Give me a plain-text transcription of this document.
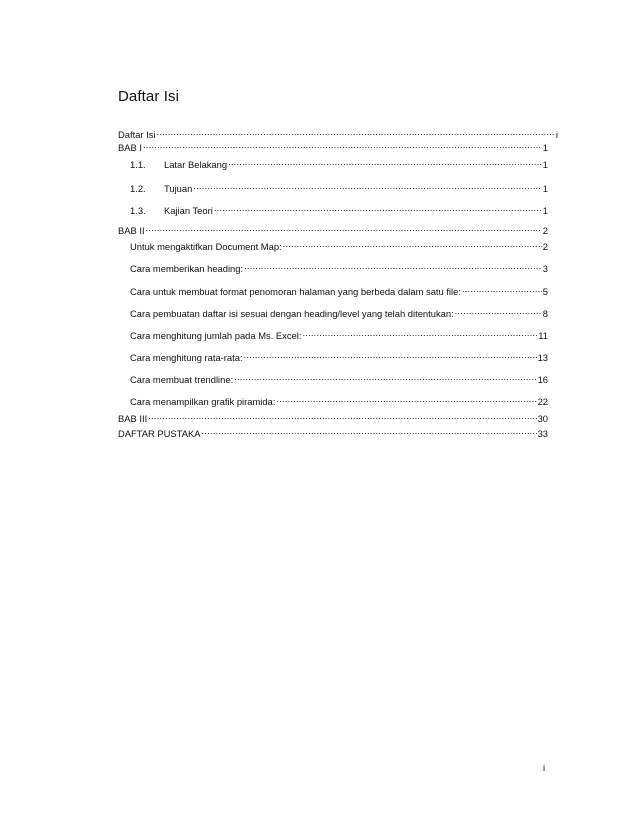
Daftar Isi
Daftar Isi .....	i
BAB I .....	1
1.1.	Latar Belakang .....	1
1.2.	Tujuan .....	1
1.3.	Kajian Teori .....	1
BAB II .....	2
Untuk mengaktifkan Document Map: .....	2
Cara memberikan heading: .....	3
Cara untuk membuat format penomoran halaman yang berbeda dalam satu file: .....	5
Cara pembuatan daftar isi sesuai dengan heading/level yang telah ditentukan: .....	8
Cara menghitung jumlah pada Ms. Excel: .....	11
Cara menghitung rata-rata: .....	13
Cara membuat trendline: .....	16
Cara menampilkan grafik piramida: .....	22
BAB III .....	30
DAFTAR PUSTAKA .....	33
i
